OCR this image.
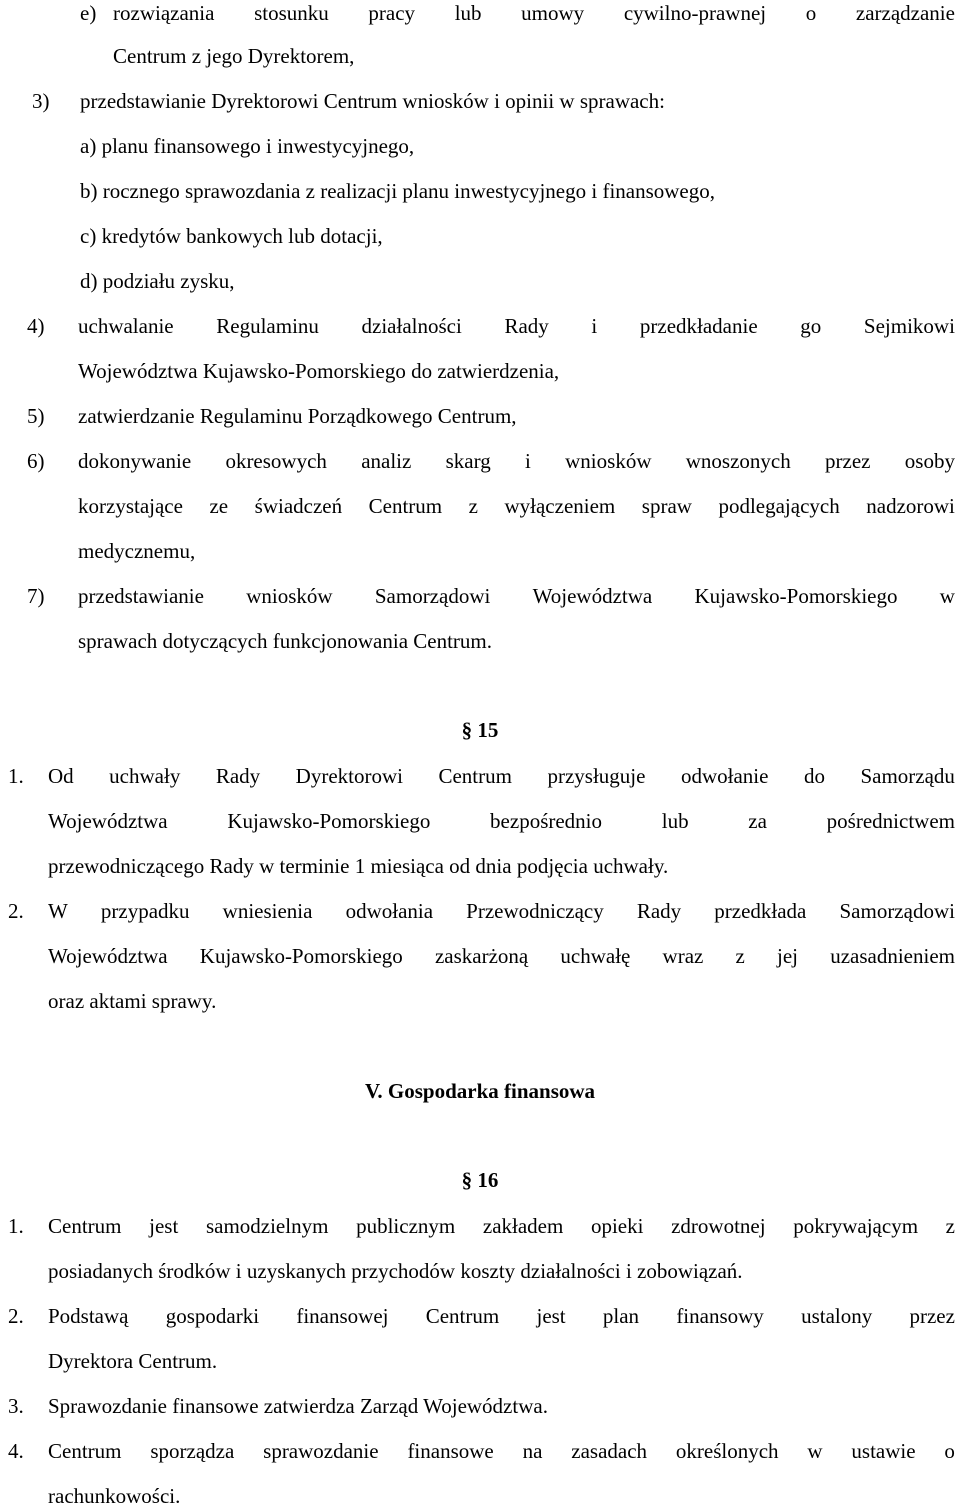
e) rozwiązania stosunku pracy lub umowy cywilno-prawnej o zarządzanie
Centrum z jego Dyrektorem,
3) przedstawianie Dyrektorowi Centrum wniosków i opinii w sprawach:
a) planu finansowego i inwestycyjnego,
b) rocznego sprawozdania z realizacji planu inwestycyjnego i finansowego,
c) kredytów bankowych lub dotacji,
d) podziału zysku,
4) uchwalanie Regulaminu działalności Rady i przedkładanie go Sejmikowi
Województwa Kujawsko-Pomorskiego do zatwierdzenia,
5) zatwierdzanie Regulaminu Porządkowego Centrum,
6) dokonywanie okresowych analiz skarg i wniosków wnoszonych przez osoby
korzystające ze świadczeń Centrum z wyłączeniem spraw podlegających nadzorowi
medycznemu,
7) przedstawianie wniosków Samorządowi Województwa Kujawsko-Pomorskiego w
sprawach dotyczących funkcjonowania Centrum.
§ 15
1. Od uchwały Rady Dyrektorowi Centrum przysługuje odwołanie do Samorządu
Województwa	Kujawsko-Pomorskiego	bezpośrednio	lub	za	pośrednictwem
przewodniczącego Rady w terminie 1 miesiąca od dnia podjęcia uchwały.
2. W przypadku wniesienia odwołania Przewodniczący Rady przedkłada Samorządowi
Województwa Kujawsko-Pomorskiego zaskarżoną uchwałę wraz z jej uzasadnieniem
oraz aktami sprawy.
V. Gospodarka finansowa
§ 16
1. Centrum jest samodzielnym publicznym zakładem opieki zdrowotnej pokrywającym z
posiadanych środków i uzyskanych przychodów koszty działalności i zobowiązań.
2. Podstawą gospodarki finansowej Centrum jest plan finansowy ustalony przez
Dyrektora Centrum.
3. Sprawozdanie finansowe zatwierdza Zarząd Województwa.
4. Centrum sporządza sprawozdanie finansowe na zasadach określonych w ustawie o
rachunkowości.
